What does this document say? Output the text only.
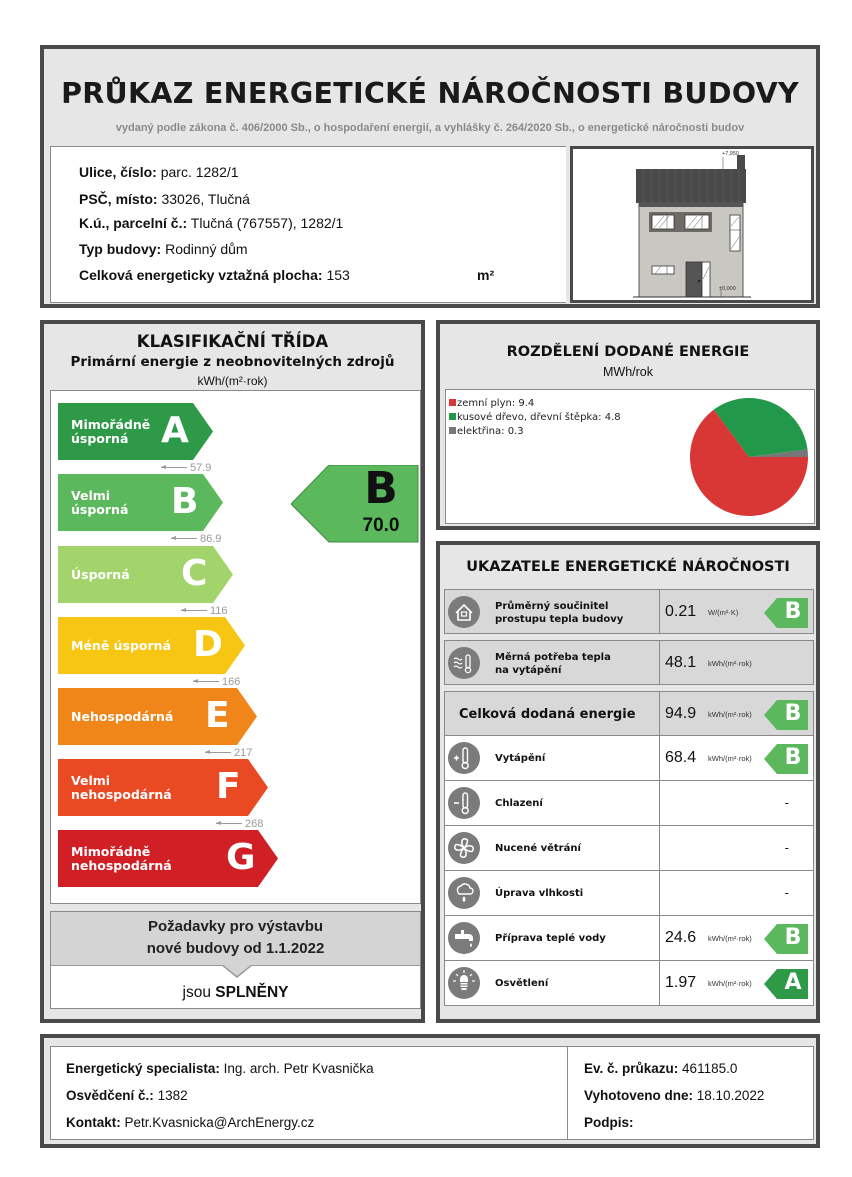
PRŮKAZ ENERGETICKÉ NÁROČNOSTI BUDOVY
vydaný podle zákona č. 406/2000 Sb., o hospodaření energií, a vyhlášky č. 264/2020 Sb., o energetické náročnosti budov
Ulice, číslo: parc. 1282/1
PSČ, místo: 33026, Tlučná
K.ú., parcelní č.: Tlučná (767557), 1282/1
Typ budovy: Rodinný dům
Celková energeticky vztažná plocha: 153	m²
+7,950
±0,000
KLASIFIKAČNÍ TŘÍDA
Primární energie z neobnovitelných zdrojů
kWh/(m²·rok)
Mimořádně
úsporná A
57.9
Velmi
úsporná B
86.9
Úsporná C
116
Méně úsporná D
166
Nehospodárná E
217
Velmi
nehospodárná F
268
Mimořádně
nehospodárná G
B
70.0
Požadavky pro výstavbu
nové budovy od 1.1.2022
jsou SPLNĚNY
ROZDĚLENÍ DODANÉ ENERGIE
MWh/rok
zemní plyn: 9.4
kusové dřevo, dřevní štěpka: 4.8
elektřina: 0.3
UKAZATELE ENERGETICKÉ NÁROČNOSTI
Průměrný součinitel
prostupu tepla budovy	0.21 W/(m²·K)	B
Měrná potřeba tepla
na vytápění	48.1 kWh/(m²·rok)
Celková dodaná energie 94.9 kWh/(m²·rok)	B
Vytápění	68.4 kWh/(m²·rok)	B
Chlazení	-
Nucené větrání	-
Úprava vlhkosti	-
Příprava teplé vody	24.6 kWh/(m²·rok)	B
Osvětlení	1.97 kWh/(m²·rok) A
Energetický specialista: Ing. arch. Petr Kvasnička
Osvědčení č.: 1382
Kontakt: Petr.Kvasnicka@ArchEnergy.cz
Ev. č. průkazu: 461185.0
Vyhotoveno dne: 18.10.2022
Podpis:
